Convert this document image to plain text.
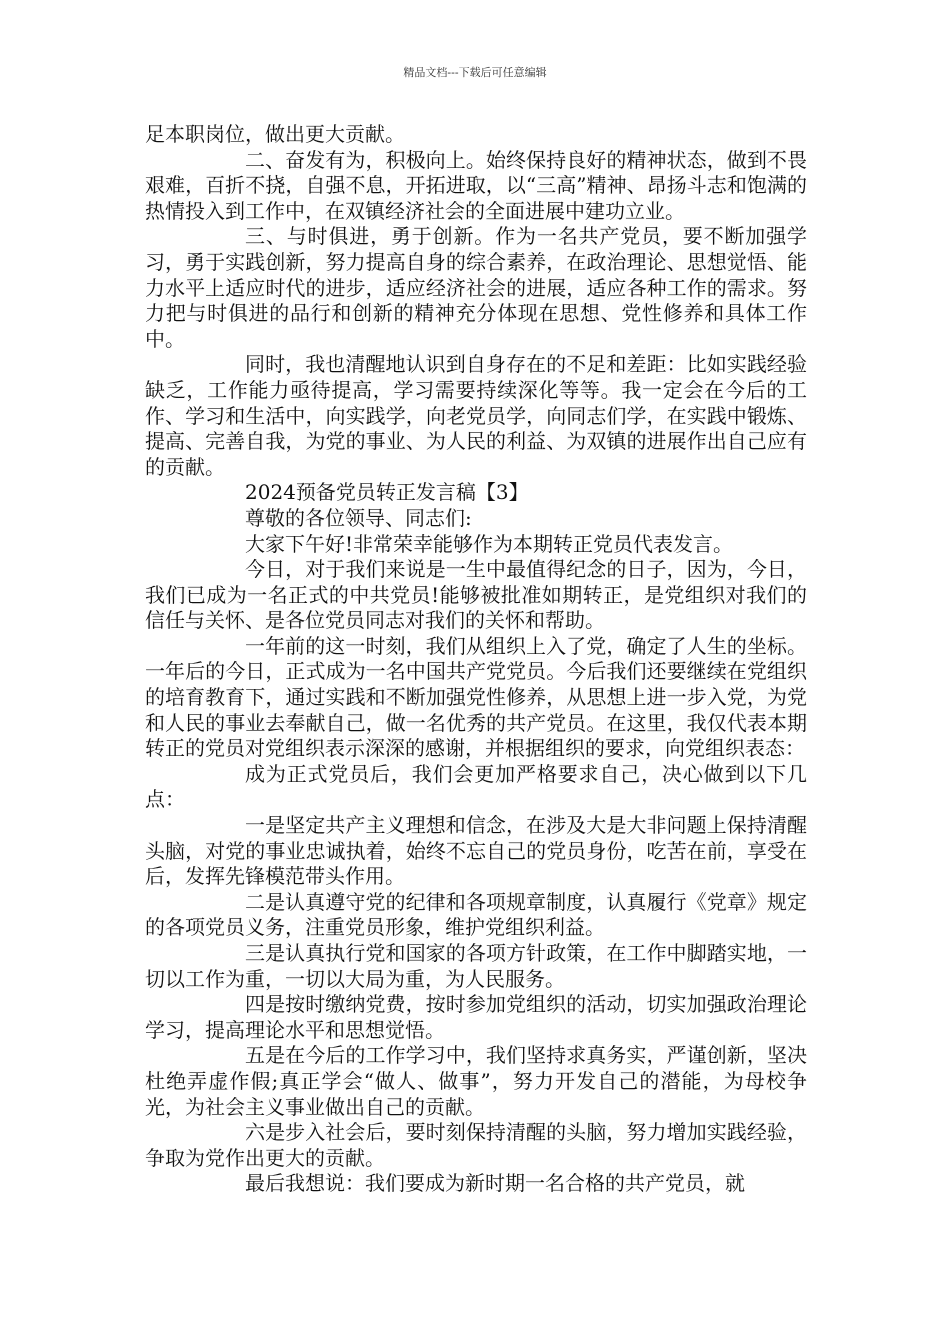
精品文档---下载后可任意编辑

足本职岗位，做出更大贡献。

二、奋发有为，积极向上。始终保持良好的精神状态，做到不畏艰难，百折不挠，自强不息，开拓进取，以“三高”精神、昂扬斗志和饱满的热情投入到工作中，在双镇经济社会的全面进展中建功立业。

三、与时俱进，勇于创新。作为一名共产党员，要不断加强学习，勇于实践创新，努力提高自身的综合素养，在政治理论、思想觉悟、能力水平上适应时代的进步，适应经济社会的进展，适应各种工作的需求。努力把与时俱进的品行和创新的精神充分体现在思想、党性修养和具体工作中。

同时，我也清醒地认识到自身存在的不足和差距：比如实践经验缺乏，工作能力亟待提高，学习需要持续深化等等。我一定会在今后的工作、学习和生活中，向实践学，向老党员学，向同志们学，在实践中锻炼、提高、完善自我，为党的事业、为人民的利益、为双镇的进展作出自己应有的贡献。

2024预备党员转正发言稿【3】

尊敬的各位领导、同志们:

大家下午好!非常荣幸能够作为本期转正党员代表发言。

今日，对于我们来说是一生中最值得纪念的日子，因为，今日，我们已成为一名正式的中共党员!能够被批准如期转正，是党组织对我们的信任与关怀、是各位党员同志对我们的关怀和帮助。

一年前的这一时刻，我们从组织上入了党，确定了人生的坐标。一年后的今日，正式成为一名中国共产党党员。今后我们还要继续在党组织的培育教育下，通过实践和不断加强党性修养，从思想上进一步入党，为党和人民的事业去奉献自己，做一名优秀的共产党员。在这里，我仅代表本期转正的党员对党组织表示深深的感谢，并根据组织的要求，向党组织表态：

成为正式党员后，我们会更加严格要求自己，决心做到以下几点：

一是坚定共产主义理想和信念，在涉及大是大非问题上保持清醒头脑，对党的事业忠诚执着，始终不忘自己的党员身份，吃苦在前，享受在后，发挥先锋模范带头作用。

二是认真遵守党的纪律和各项规章制度，认真履行《党章》规定的各项党员义务，注重党员形象，维护党组织利益。

三是认真执行党和国家的各项方针政策，在工作中脚踏实地，一切以工作为重，一切以大局为重，为人民服务。

四是按时缴纳党费，按时参加党组织的活动，切实加强政治理论学习，提高理论水平和思想觉悟。

五是在今后的工作学习中，我们坚持求真务实，严谨创新，坚决杜绝弄虚作假;真正学会“做人、做事”，努力开发自己的潜能，为母校争光，为社会主义事业做出自己的贡献。

六是步入社会后，要时刻保持清醒的头脑，努力增加实践经验，争取为党作出更大的贡献。

最后我想说：我们要成为新时期一名合格的共产党员，就
